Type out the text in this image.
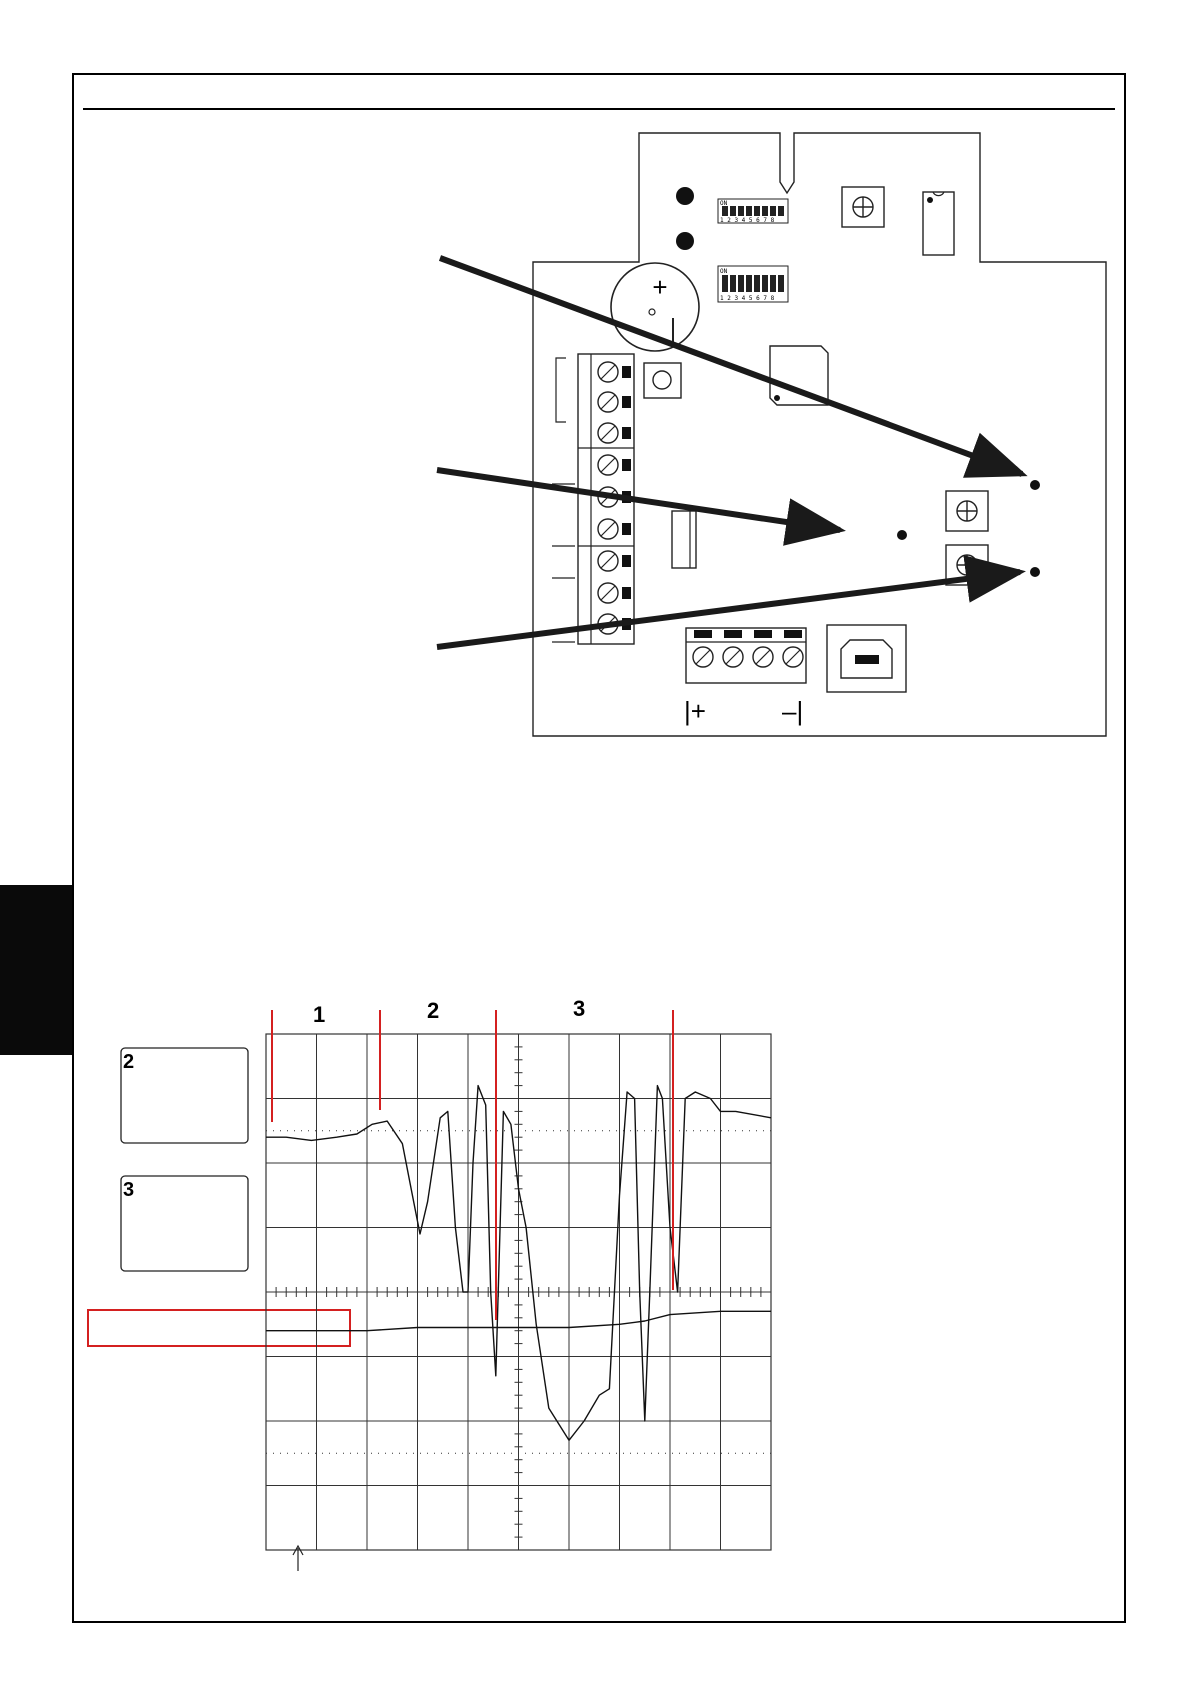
ON
1 2 3 4 5 6 7 8
ON
1 2 3 4 5 6 7 8
+
|+	–|
2
3
1	2	3
